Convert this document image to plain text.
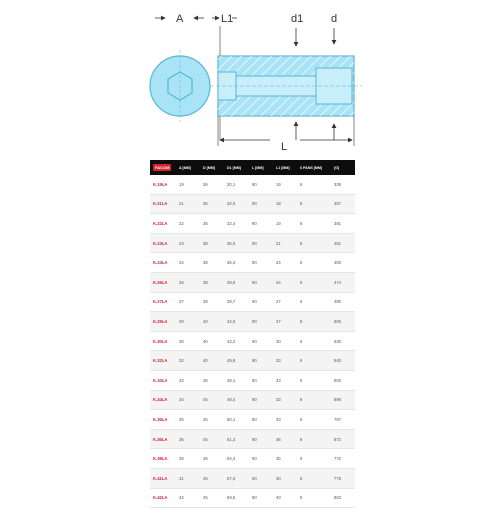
A	L1	d1	d
L
FACOM	A [MM]	D [MM]	D1 [MM]	L [MM]	L1 [MM]	6 PANS [MM]	[G]
K.19LA	19	36	30,1	90	19	6	339
K.21LA	21	36	32,0	90	18	6	367
K.22LA	22	36	33,4	90	19	6	391
K.23LA	23	38	36,0	90	21	6	461
K.24LA	24	38	36,3	90	24	6	400
K.26LA	26	38	39,0	90	24	6	474
K.27LA	27	38	39,7	90	27	6	480
K.29LA	29	40	42,0	90	27	6	505
K.30LA	30	40	43,2	90	30	6	530
K.32LA	32	40	45,9	90	33	6	540
K.33LA	33	45	48,1	90	33	6	600
K.34LA	34	45	48,4	90	33	6	696
K.35LA	35	45	50,1	90	33	6	797
K.36LA	36	45	51,3	90	36	6	672
K.38LA	38	45	54,3	90	36	6	772
K.41LA	41	45	57,3	90	40	6	778
K.42LA	42	45	59,5	90	40	6	863
